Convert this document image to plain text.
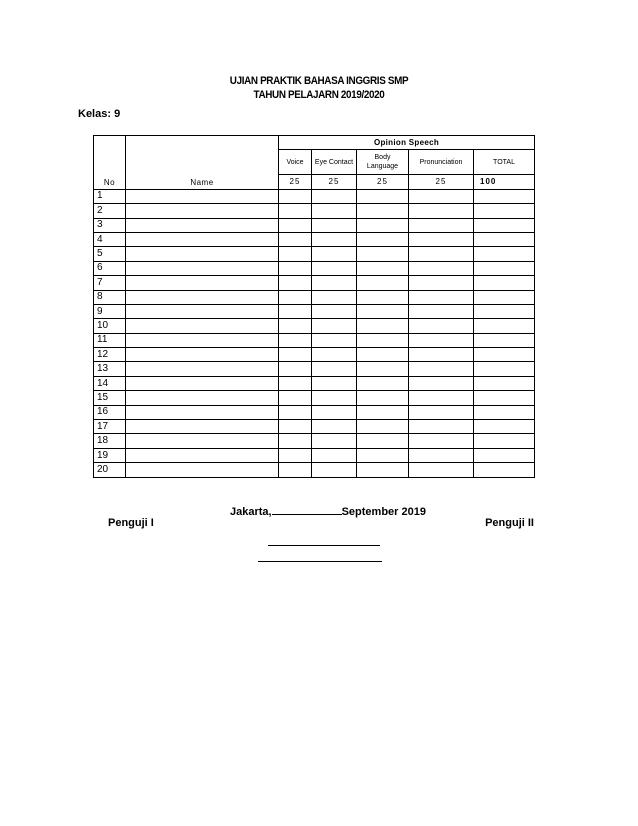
UJIAN PRAKTIK BAHASA INGGRIS SMP
TAHUN PELAJARN 2019/2020
Kelas: 9
No	Name	Opinion Speech				
		Voice	Eye Contact	Body Language	Pronunciation	TOTAL
		25	25	25	25	100
1						
2						
3						
4						
5						
6						
7						
8						
9						
10						
11						
12						
13						
14						
15						
16						
17						
18						
19						
20						
Jakarta,	September 2019
Penguji I	Penguji II
